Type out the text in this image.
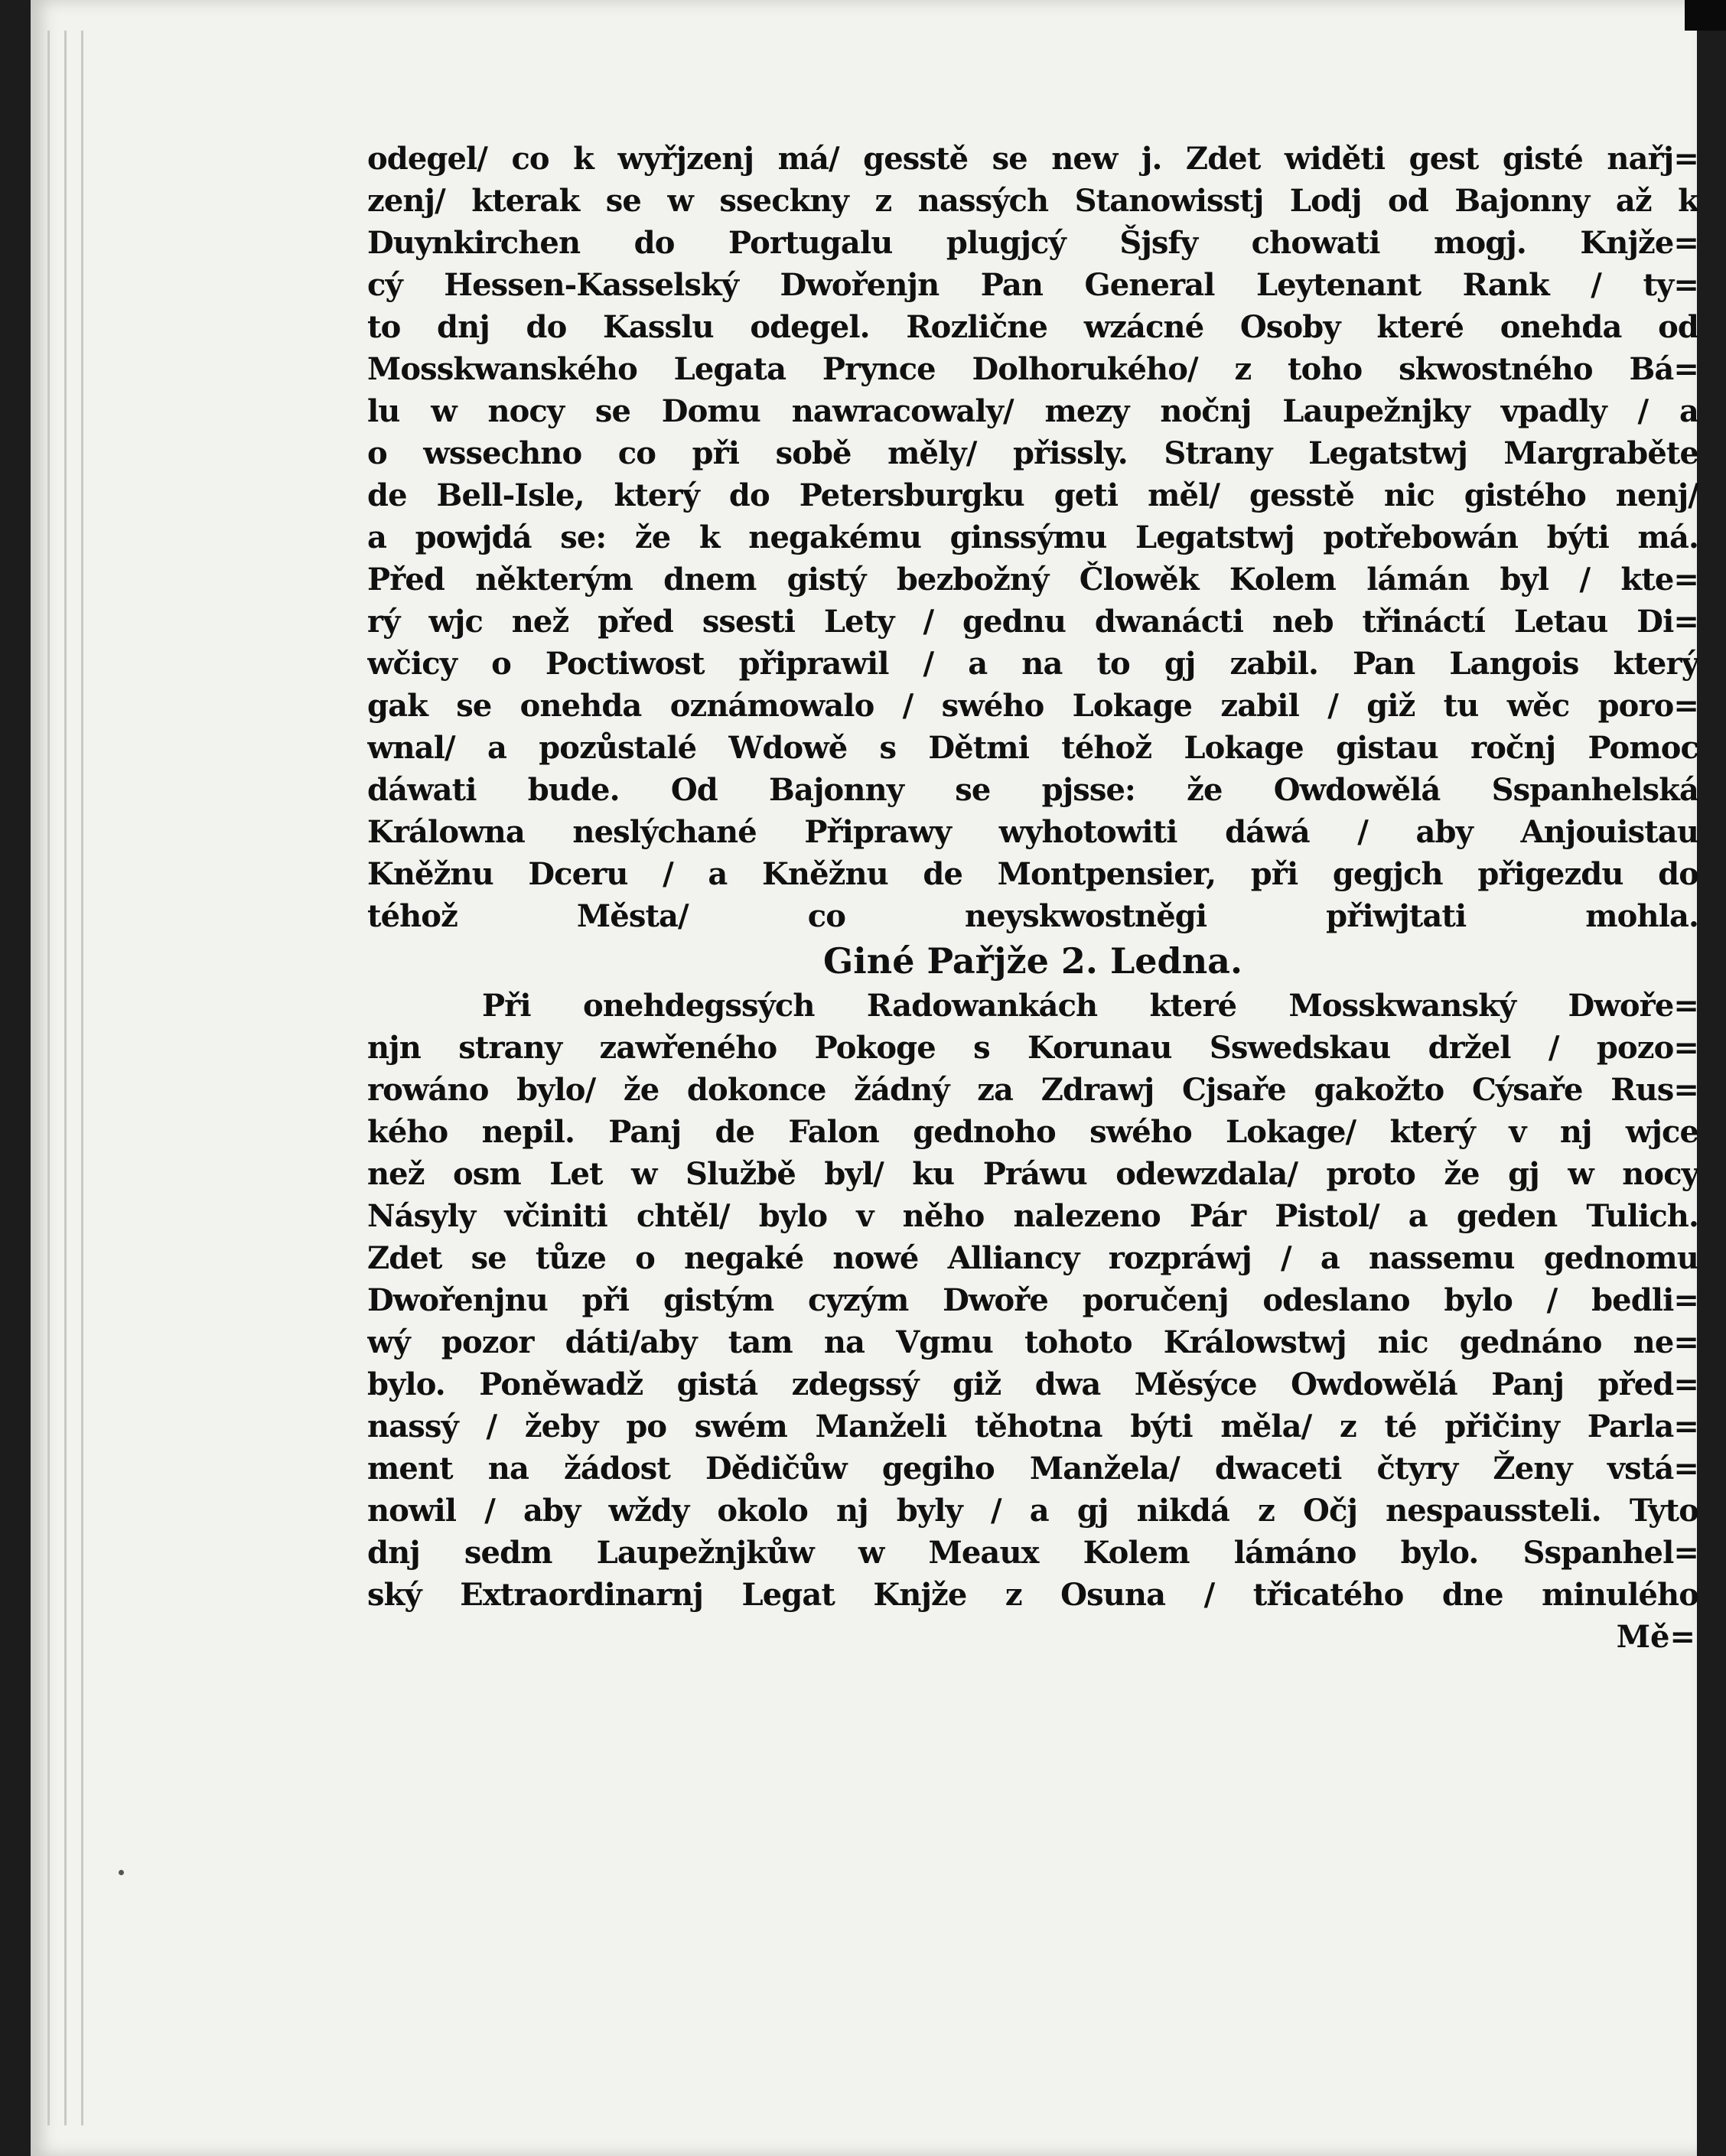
odegel/ co k wyřjzenj má/ gesstě se new j. Zdet widěti gest gisté nařj=
zenj/ kterak se w sseckny z nassých Stanowisstj Lodj od Bajonny až k
Duynkirchen do Portugalu plugjcý Šjsfy chowati mogj. Knjže=
cý Hessen-Kasselský Dwořenjn Pan General Leytenant Rank / ty=
to dnj do Kasslu odegel. Rozlične wzácné Osoby které onehda od
Mosskwanského Legata Prynce Dolhorukého/ z toho skwostného Bá=
lu w nocy se Domu nawracowaly/ mezy nočnj Laupežnjky vpadly / a
o wssechno co při sobě měly/ přissly. Strany Legatstwj Margraběte
de Bell-Isle, který do Petersburgku geti měl/ gesstě nic gistého nenj/
a powjdá se: že k negakému ginssýmu Legatstwj potřebowán býti má.
Před některým dnem gistý bezbožný Člowěk Kolem lámán byl / kte=
rý wjc než před ssesti Lety / gednu dwanácti neb třináctí Letau Di=
wčicy o Poctiwost připrawil / a na to gj zabil. Pan Langois který
gak se onehda oznámowalo / swého Lokage zabil / giž tu wěc poro=
wnal/ a pozůstalé Wdowě s Dětmi téhož Lokage gistau ročnj Pomoc
dáwati bude. Od Bajonny se pjsse: že Owdowělá Sspanhelská
Králowna neslýchané Připrawy wyhotowiti dáwá / aby Anjouistau
Kněžnu Dceru / a Kněžnu de Montpensier, při gegjch přigezdu do
téhož Města/ co neyskwostněgi přiwjtati mohla.
Giné Pařjže 2. Ledna.
Při onehdegssých Radowankách které Mosskwanský Dwoře=
njn strany zawřeného Pokoge s Korunau Sswedskau držel / pozo=
rowáno bylo/ že dokonce žádný za Zdrawj Cjsaře gakožto Cýsaře Rus=
kého nepil. Panj de Falon gednoho swého Lokage/ který v nj wjce
než osm Let w Službě byl/ ku Práwu odewzdala/ proto že gj w nocy
Násyly včiniti chtěl/ bylo v něho nalezeno Pár Pistol/ a geden Tulich.
Zdet se tůze o negaké nowé Alliancy rozpráwj / a nassemu gednomu
Dwořenjnu při gistým cyzým Dwoře poručenj odeslano bylo / bedli=
wý pozor dáti/aby tam na Vgmu tohoto Králowstwj nic gednáno ne=
bylo. Poněwadž gistá zdegssý giž dwa Měsýce Owdowělá Panj před=
nassý / žeby po swém Manželi těhotna býti měla/ z té přičiny Parla=
ment na žádost Dědičůw gegiho Manžela/ dwaceti čtyry Ženy vstá=
nowil / aby wždy okolo nj byly / a gj nikdá z Očj nespaussteli. Tyto
dnj sedm Laupežnjkůw w Meaux Kolem lámáno bylo. Sspanhel=
ský Extraordinarnj Legat Knjže z Osuna / třicatého dne minulého
Mě=
